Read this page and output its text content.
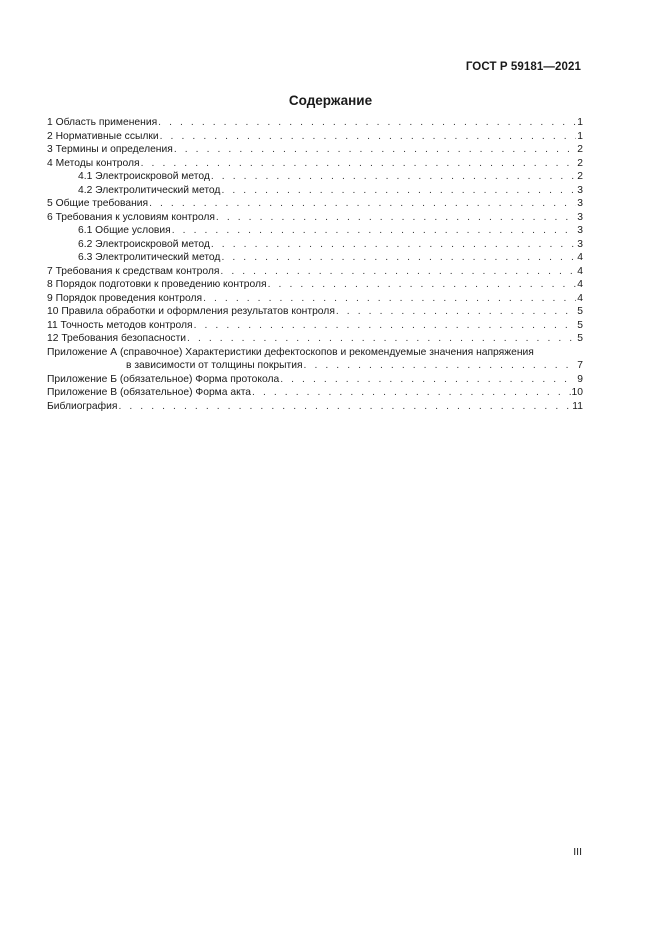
ГОСТ Р 59181—2021
Содержание
1 Область применения . . .	1
2 Нормативные ссылки . . .	1
3 Термины и определения . . .	2
4 Методы контроля . . .	2
4.1 Электроискровой метод . . .	2
4.2 Электролитический метод . . .	3
5 Общие требования . . .	3
6 Требования к условиям контроля . . .	3
6.1 Общие условия . . .	3
6.2 Электроискровой метод . . .	3
6.3 Электролитический метод . . .	4
7 Требования к средствам контроля . . .	4
8 Порядок подготовки к проведению контроля . . .	4
9 Порядок проведения контроля . . .	4
10 Правила обработки и оформления результатов контроля . . .	5
11 Точность методов контроля . . .	5
12 Требования безопасности . . .	5
Приложение А (справочное) Характеристики дефектоскопов и рекомендуемые значения напряжения
в зависимости от толщины покрытия . . .	7
Приложение Б (обязательное) Форма протокола . . .	9
Приложение В (обязательное) Форма акта . . .	10
Библиография . . .	11
III
